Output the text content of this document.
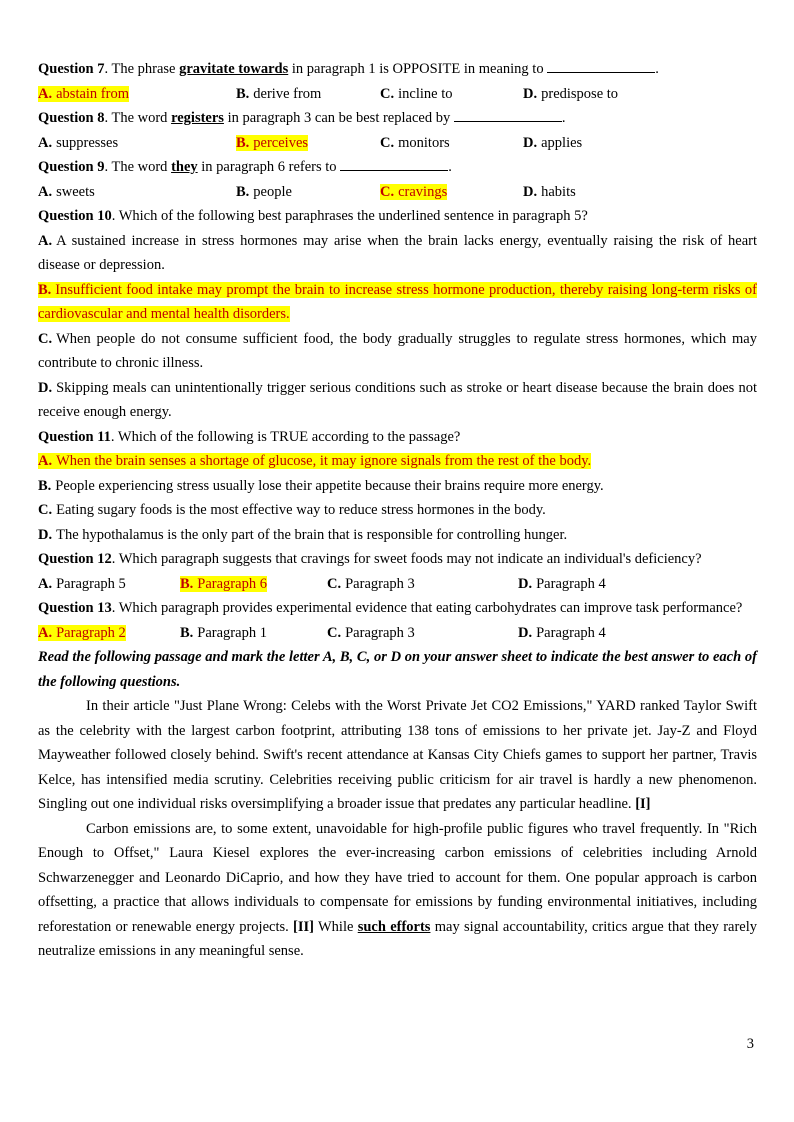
Question 7. The phrase gravitate towards in paragraph 1 is OPPOSITE in meaning to	.
A. abstain from	B. derive from	C. incline to	D. predispose to
Question 8. The word registers in paragraph 3 can be best replaced by	.
A. suppresses	B. perceives	C. monitors	D. applies
Question 9. The word they in paragraph 6 refers to	.
A. sweets	B. people	C. cravings	D. habits
Question 10. Which of the following best paraphrases the underlined sentence in paragraph 5?
A. A sustained increase in stress hormones may arise when the brain lacks energy, eventually raising the risk of heart disease or depression.
B. Insufficient food intake may prompt the brain to increase stress hormone production, thereby raising long-term risks of cardiovascular and mental health disorders.
C. When people do not consume sufficient food, the body gradually struggles to regulate stress hormones, which may contribute to chronic illness.
D. Skipping meals can unintentionally trigger serious conditions such as stroke or heart disease because the brain does not receive enough energy.
Question 11. Which of the following is TRUE according to the passage?
A. When the brain senses a shortage of glucose, it may ignore signals from the rest of the body.
B. People experiencing stress usually lose their appetite because their brains require more energy.
C. Eating sugary foods is the most effective way to reduce stress hormones in the body.
D. The hypothalamus is the only part of the brain that is responsible for controlling hunger.
Question 12. Which paragraph suggests that cravings for sweet foods may not indicate an individual's deficiency?
A. Paragraph 5	B. Paragraph 6	C. Paragraph 3	D. Paragraph 4
Question 13. Which paragraph provides experimental evidence that eating carbohydrates can improve task performance?
A. Paragraph 2	B. Paragraph 1	C. Paragraph 3	D. Paragraph 4
Read the following passage and mark the letter A, B, C, or D on your answer sheet to indicate the best answer to each of the following questions.
In their article "Just Plane Wrong: Celebs with the Worst Private Jet CO2 Emissions," YARD ranked Taylor Swift as the celebrity with the largest carbon footprint, attributing 138 tons of emissions to her private jet. Jay-Z and Floyd Mayweather followed closely behind. Swift's recent attendance at Kansas City Chiefs games to support her partner, Travis Kelce, has intensified media scrutiny. Celebrities receiving public criticism for air travel is hardly a new phenomenon. Singling out one individual risks oversimplifying a broader issue that predates any particular headline. [I]
Carbon emissions are, to some extent, unavoidable for high-profile public figures who travel frequently. In "Rich Enough to Offset," Laura Kiesel explores the ever-increasing carbon emissions of celebrities including Arnold Schwarzenegger and Leonardo DiCaprio, and how they have tried to account for them. One popular approach is carbon offsetting, a practice that allows individuals to compensate for emissions by funding environmental initiatives, including reforestation or renewable energy projects. [II] While such efforts may signal accountability, critics argue that they rarely neutralize emissions in any meaningful sense.
3
